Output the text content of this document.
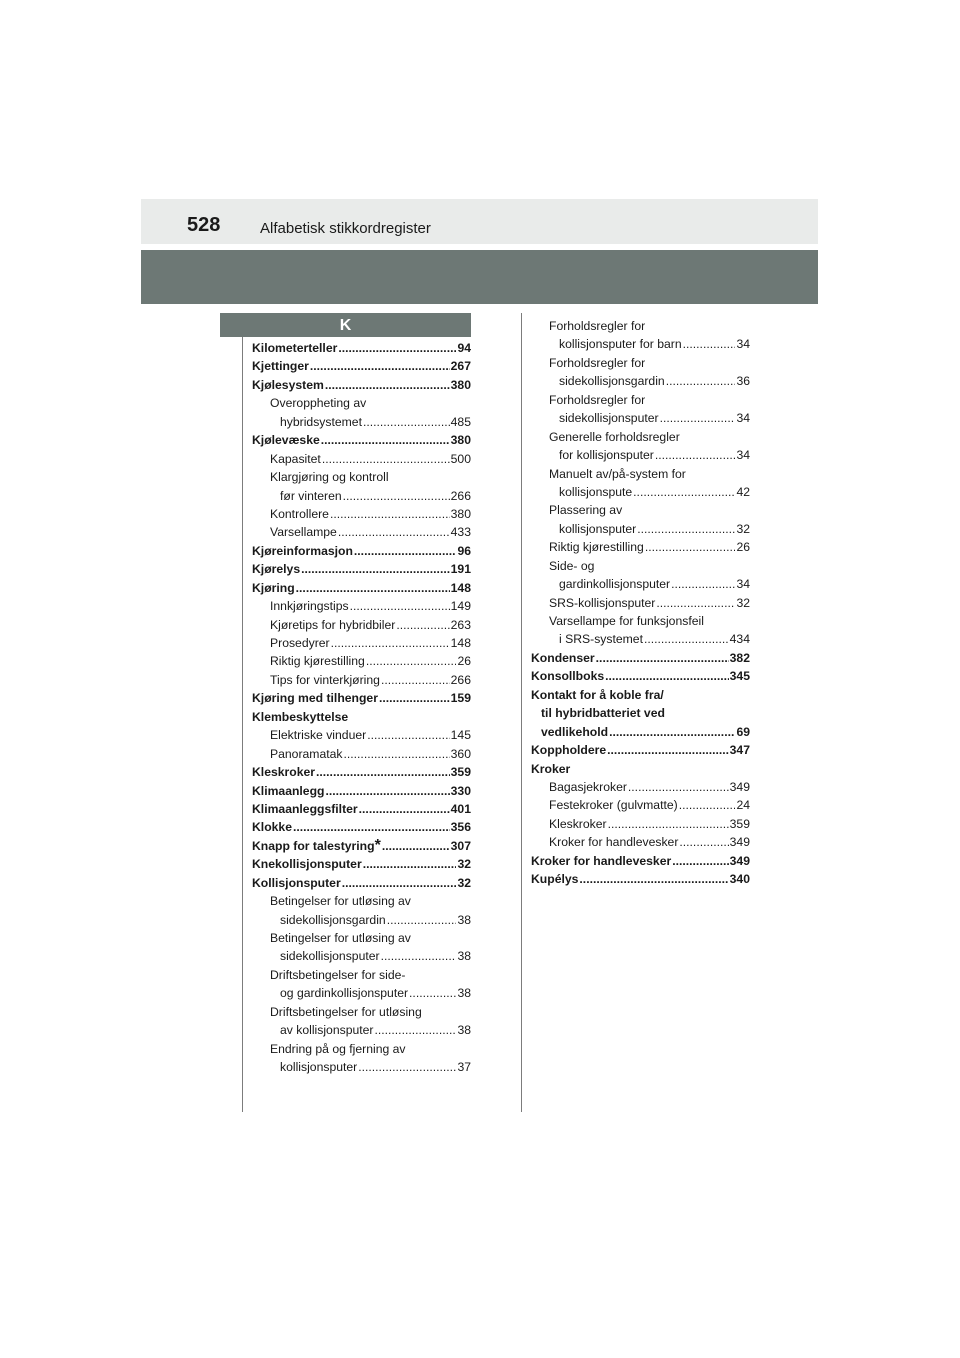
528	Alfabetisk stikkordregister
K
Kilometerteller .....	94
Kjettinger .....	267
Kjølesystem .....	380
Overoppheting av
hybridsystemet .....	485
Kjølevæske .....	380
Kapasitet .....	500
Klargjøring og kontroll
før vinteren .....	266
Kontrollere .....	380
Varsellampe .....	433
Kjøreinformasjon .....	96
Kjørelys .....	191
Kjøring .....	148
Innkjøringstips .....	149
Kjøretips for hybridbiler .....	263
Prosedyrer .....	148
Riktig kjørestilling .....	26
Tips for vinterkjøring .....	266
Kjøring med tilhenger .....	159
Klembeskyttelse
Elektriske vinduer .....	145
Panoramatak .....	360
Kleskroker .....	359
Klimaanlegg .....	330
Klimaanleggsfilter .....	401
Klokke .....	356
Knapp for talestyring * .....	307
Knekollisjonsputer .....	32
Kollisjonsputer .....	32
Betingelser for utløsing av
sidekollisjonsgardin .....	38
Betingelser for utløsing av
sidekollisjonsputer .....	38
Driftsbetingelser for side-
og gardinkollisjonsputer .....	38
Driftsbetingelser for utløsing
av kollisjonsputer .....	38
Endring på og fjerning av
kollisjonsputer .....	37
Forholdsregler for
kollisjonsputer for barn .....	34
Forholdsregler for
sidekollisjonsgardin .....	36
Forholdsregler for
sidekollisjonsputer .....	34
Generelle forholdsregler
for kollisjonsputer .....	34
Manuelt av/på-system for
kollisjonspute .....	42
Plassering av
kollisjonsputer .....	32
Riktig kjørestilling .....	26
Side- og
gardinkollisjonsputer .....	34
SRS-kollisjonsputer .....	32
Varsellampe for funksjonsfeil
i SRS-systemet .....	434
Kondenser .....	382
Konsollboks .....	345
Kontakt for å koble fra/
til hybridbatteriet ved
vedlikehold .....	69
Koppholdere .....	347
Kroker
Bagasjekroker .....	349
Festekroker (gulvmatte) .....	24
Kleskroker .....	359
Kroker for handlevesker .....	349
Kroker for handlevesker .....	349
Kupélys .....	340
